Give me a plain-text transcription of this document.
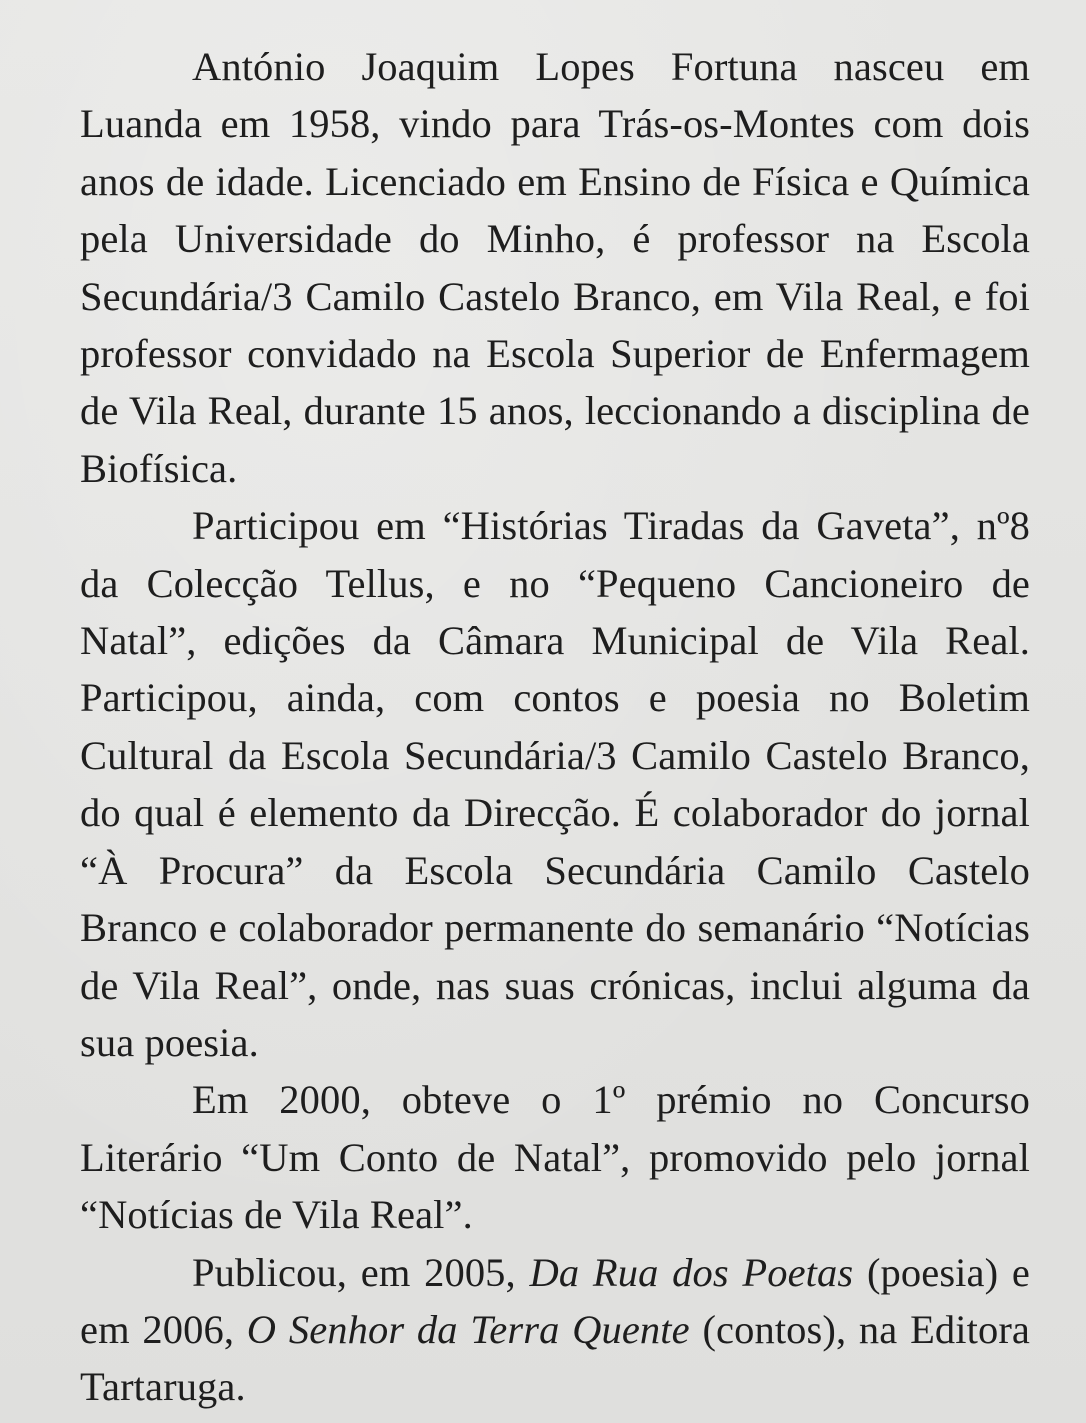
António Joaquim Lopes Fortuna nasceu em Luanda em 1958, vindo para Trás-os-Montes com dois anos de idade. Licenciado em Ensino de Física e Química pela Universidade do Minho, é professor na Escola Secundária/3 Camilo Castelo Branco, em Vila Real, e foi professor convidado na Escola Superior de Enfermagem de Vila Real, durante 15 anos, leccionando a disciplina de Biofísica.

Participou em “Histórias Tiradas da Gaveta”, nº8 da Colecção Tellus, e no “Pequeno Cancioneiro de Natal”, edições da Câmara Municipal de Vila Real. Participou, ainda, com contos e poesia no Boletim Cultural da Escola Secundária/3 Camilo Castelo Branco, do qual é elemento da Direcção. É colaborador do jornal “À Procura” da Escola Secundária Camilo Castelo Branco e colaborador permanente do semanário “Notícias de Vila Real”, onde, nas suas crónicas, inclui alguma da sua poesia.

Em 2000, obteve o 1º prémio no Concurso Literário “Um Conto de Natal”, promovido pelo jornal “Notícias de Vila Real”.

Publicou, em 2005, Da Rua dos Poetas (poesia) e em 2006, O Senhor da Terra Quente (contos), na Editora Tartaruga.
